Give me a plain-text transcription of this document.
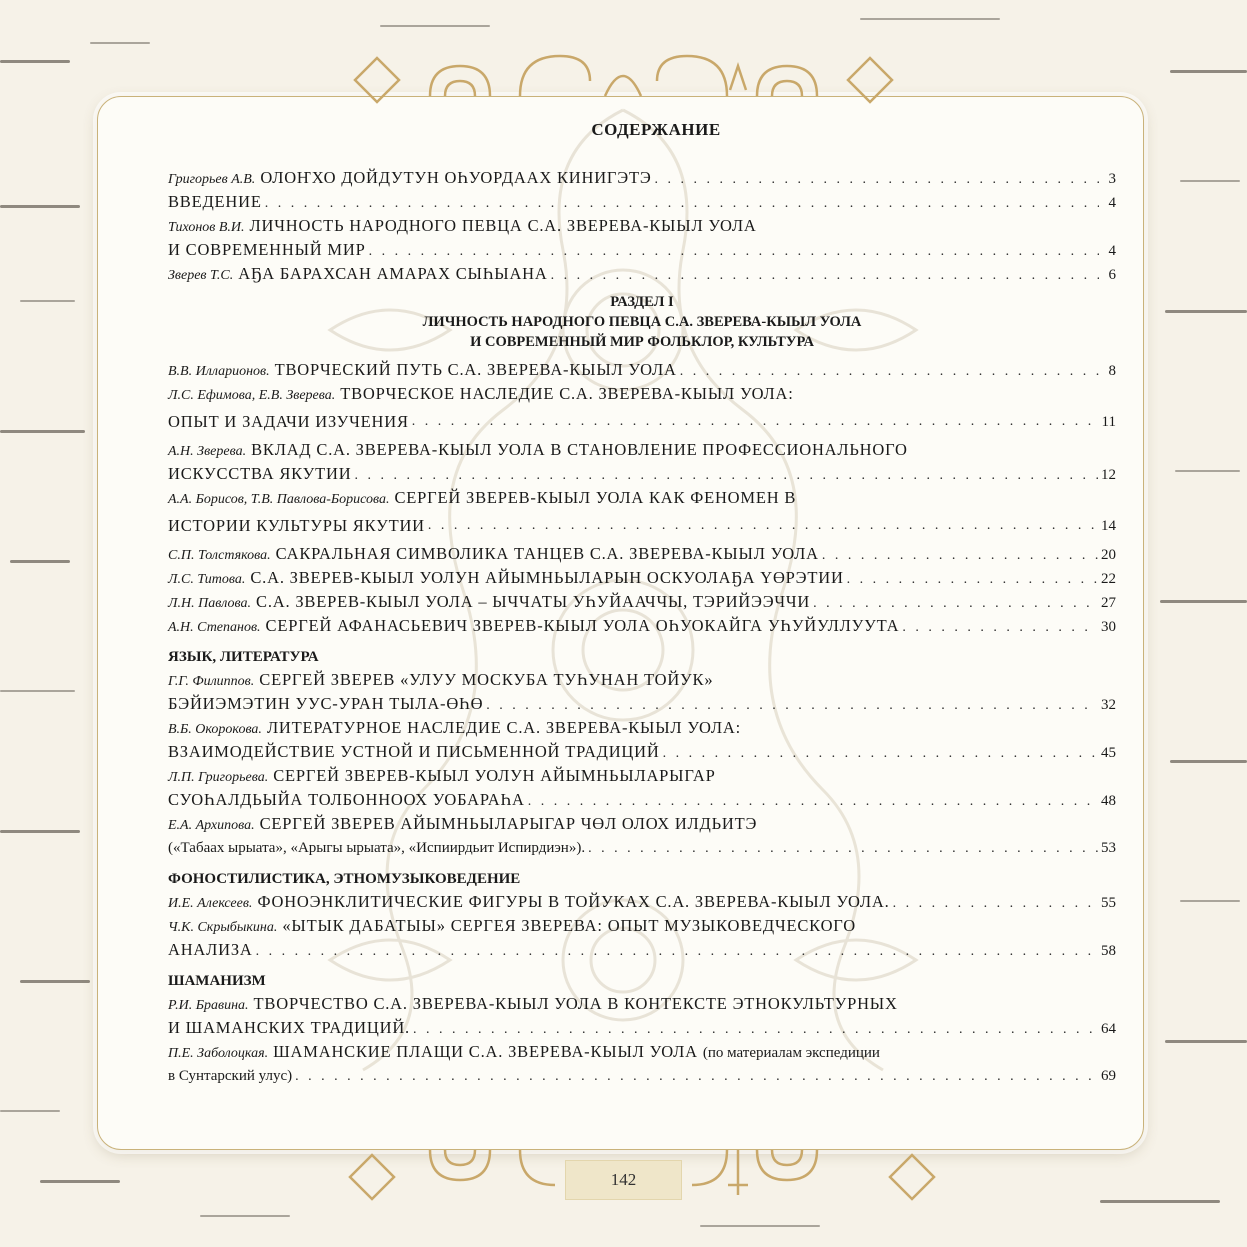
СОДЕРЖАНИЕ
Григорьев А.В. ОЛОҤХО ДОЙДУТУН ОҺУОРДААХ КИНИГЭТЭ . . .	3
ВВЕДЕНИЕ . . .	4
Тихонов В.И. ЛИЧНОСТЬ НАРОДНОГО ПЕВЦА С.А. ЗВЕРЕВА-КЫЫЛ УОЛА
И СОВРЕМЕННЫЙ МИР . . .	4
Зверев Т.С. АҔА БАРАХСАН АМАРАХ СЫҺЫАНА . . .	6
РАЗДЕЛ I
ЛИЧНОСТЬ НАРОДНОГО ПЕВЦА С.А. ЗВЕРЕВА-КЫЫЛ УОЛА
И СОВРЕМЕННЫЙ МИР ФОЛЬКЛОР, КУЛЬТУРА
В.В. Илларионов. ТВОРЧЕСКИЙ ПУТЬ С.А. ЗВЕРЕВА-КЫЫЛ УОЛА . . .	8
Л.С. Ефимова, Е.В. Зверева. ТВОРЧЕСКОЕ НАСЛЕДИЕ С.А. ЗВЕРЕВА-КЫЫЛ УОЛА:
ОПЫТ И ЗАДАЧИ ИЗУЧЕНИЯ . . .	11
А.Н. Зверева. ВКЛАД С.А. ЗВЕРЕВА-КЫЫЛ УОЛА В СТАНОВЛЕНИЕ ПРОФЕССИОНАЛЬНОГО
ИСКУССТВА ЯКУТИИ . . .	12
А.А. Борисов, Т.В. Павлова-Борисова. СЕРГЕЙ ЗВЕРЕВ-КЫЫЛ УОЛА КАК ФЕНОМЕН В
ИСТОРИИ КУЛЬТУРЫ ЯКУТИИ . . .	14
С.П. Толстякова. САКРАЛЬНАЯ СИМВОЛИКА ТАНЦЕВ С.А. ЗВЕРЕВА-КЫЫЛ УОЛА . . .	20
Л.С. Титова. С.А. ЗВЕРЕВ-КЫЫЛ УОЛУН АЙЫМНЬЫЛАРЫН ОСКУОЛАҔА ҮӨРЭТИИ . . .	22
Л.Н. Павлова. С.А. ЗВЕРЕВ-КЫЫЛ УОЛА – ЫЧЧАТЫ УҺУЙААЧЧЫ, ТЭРИЙЭЭЧЧИ . . .	27
А.Н. Степанов. СЕРГЕЙ АФАНАСЬЕВИЧ ЗВЕРЕВ-КЫЫЛ УОЛА ОҺУОКАЙГА УҺУЙУЛЛУУТА . . .	30
ЯЗЫК, ЛИТЕРАТУРА
Г.Г. Филиппов. СЕРГЕЙ ЗВЕРЕВ «УЛУУ МОСКУБА ТУҺУНАН ТОЙУК»
БЭЙИЭМЭТИН УУС-УРАН ТЫЛА-ӨҺӨ . . .	32
В.Б. Окорокова. ЛИТЕРАТУРНОЕ НАСЛЕДИЕ С.А. ЗВЕРЕВА-КЫЫЛ УОЛА:
ВЗАИМОДЕЙСТВИЕ УСТНОЙ И ПИСЬМЕННОЙ ТРАДИЦИЙ . . .	45
Л.П. Григорьева. СЕРГЕЙ ЗВЕРЕВ-КЫЫЛ УОЛУН АЙЫМНЬЫЛАРЫГАР
СУОҺАЛДЬЫЙА ТОЛБОННООХ УОБАРАҺА . . .	48
Е.А. Архипова. СЕРГЕЙ ЗВЕРЕВ АЙЫМНЬЫЛАРЫГАР ЧӨЛ ОЛОХ ИЛДЬИТЭ
(«Табаах ырыата», «Арыгы ырыата», «Испиирдьит Испирдиэн»). . . .	53
ФОНОСТИЛИСТИКА, ЭТНОМУЗЫКОВЕДЕНИЕ
И.Е. Алексеев. ФОНОЭНКЛИТИЧЕСКИЕ ФИГУРЫ В ТОЙУКАХ С.А. ЗВЕРЕВА-КЫЫЛ УОЛА. . . .	55
Ч.К. Скрыбыкина. «ЫТЫК ДАБАТЫЫ» СЕРГЕЯ ЗВЕРЕВА: ОПЫТ МУЗЫКОВЕДЧЕСКОГО
АНАЛИЗА . . .	58
ШАМАНИЗМ
Р.И. Бравина. ТВОРЧЕСТВО С.А. ЗВЕРЕВА-КЫЫЛ УОЛА В КОНТЕКСТЕ ЭТНОКУЛЬТУРНЫХ
И ШАМАНСКИХ ТРАДИЦИЙ. . . .	64
П.Е. Заболоцкая. ШАМАНСКИЕ ПЛАЩИ С.А. ЗВЕРЕВА-КЫЫЛ УОЛА (по материалам экспедиции
в Сунтарский улус) . . .	69
142
